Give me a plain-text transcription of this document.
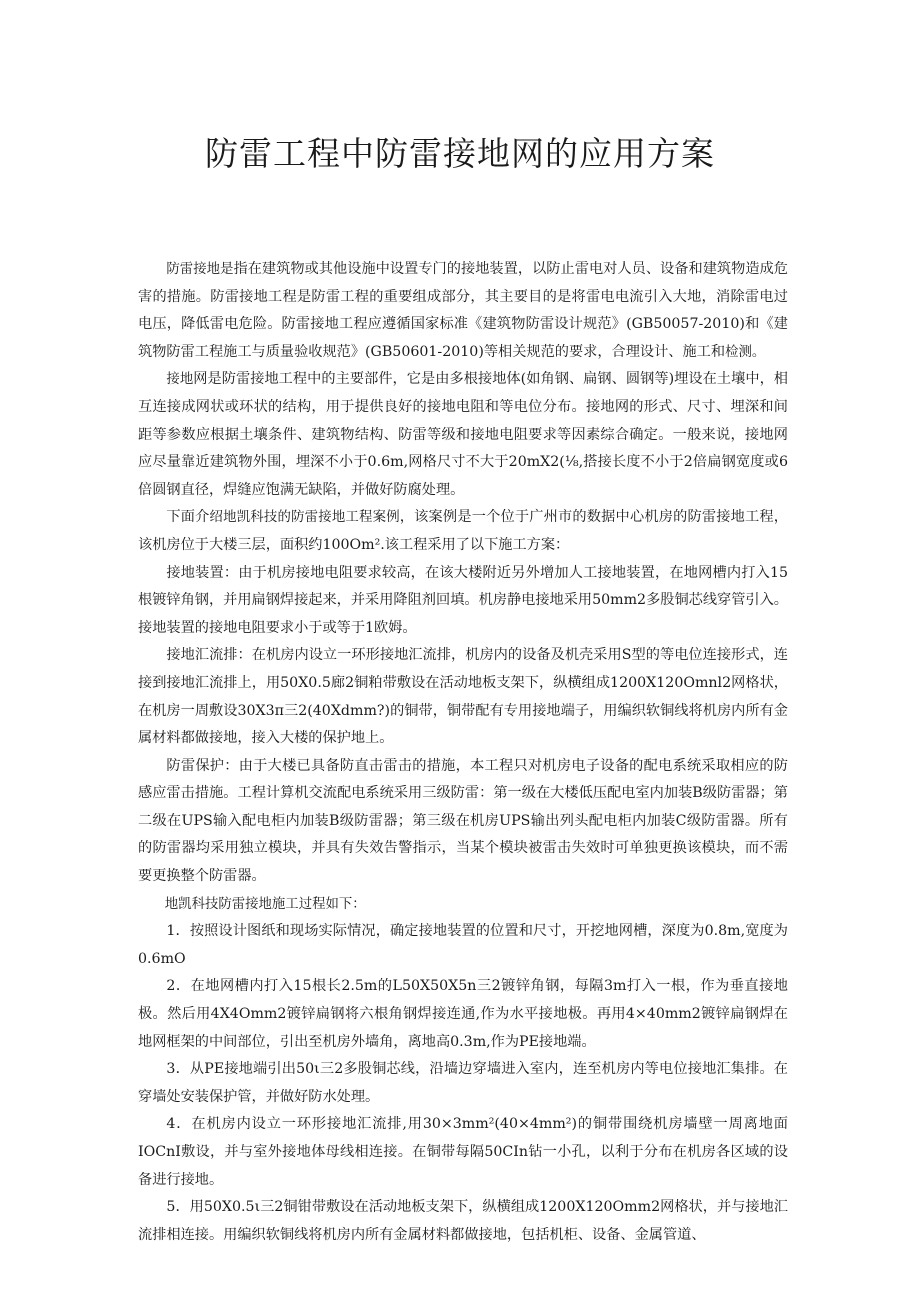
防雷工程中防雷接地网的应用方案

防雷接地是指在建筑物或其他设施中设置专门的接地装置，以防止雷电对人员、设备和建筑物造成危害的措施。防雷接地工程是防雷工程的重要组成部分，其主要目的是将雷电电流引入大地，消除雷电过电压，降低雷电危险。防雷接地工程应遵循国家标准《建筑物防雷设计规范》(GB50057-2010)和《建筑物防雷工程施工与质量验收规范》(GB50601-2010)等相关规范的要求，合理设计、施工和检测。

接地网是防雷接地工程中的主要部件，它是由多根接地体(如角钢、扁钢、圆钢等)埋设在土壤中，相互连接成网状或环状的结构，用于提供良好的接地电阻和等电位分布。接地网的形式、尺寸、埋深和间距等参数应根据土壤条件、建筑物结构、防雷等级和接地电阻要求等因素综合确定。一般来说，接地网应尽量靠近建筑物外围，埋深不小于0.6m,网格尺寸不大于20mX2(⅛,搭接长度不小于2倍扁钢宽度或6倍圆钢直径，焊缝应饱满无缺陷，并做好防腐处理。

下面介绍地凯科技的防雷接地工程案例，该案例是一个位于广州市的数据中心机房的防雷接地工程，该机房位于大楼三层，面积约100Om².该工程采用了以下施工方案：

接地装置：由于机房接地电阻要求较高，在该大楼附近另外增加人工接地装置，在地网槽内打入15根镀锌角钢，并用扁钢焊接起来，并采用降阻剂回填。机房静电接地采用50mm2多股铜芯线穿管引入。接地装置的接地电阻要求小于或等于1欧姆。

接地汇流排：在机房内设立一环形接地汇流排，机房内的设备及机壳采用S型的等电位连接形式，连接到接地汇流排上，用50X0.5廊2铜粕带敷设在活动地板支架下，纵横组成1200X120Omnl2网格状，在机房一周敷设30X3π三2(40Xdmm?)的铜带，铜带配有专用接地端子，用编织软铜线将机房内所有金属材料都做接地，接入大楼的保护地上。

防雷保护：由于大楼已具备防直击雷击的措施，本工程只对机房电子设备的配电系统采取相应的防感应雷击措施。工程计算机交流配电系统采用三级防雷：第一级在大楼低压配电室内加装B级防雷器；第二级在UPS输入配电柜内加装B级防雷器；第三级在机房UPS输出列头配电柜内加装C级防雷器。所有的防雷器均采用独立模块，并具有失效告警指示，当某个模块被雷击失效时可单独更换该模块，而不需要更换整个防雷器。

地凯科技防雷接地施工过程如下：

1．按照设计图纸和现场实际情况，确定接地装置的位置和尺寸，开挖地网槽，深度为0.8m,宽度为0.6mO

2．在地网槽内打入15根长2.5m的L50X50X5n三2镀锌角钢，每隔3m打入一根，作为垂直接地极。然后用4X4Omm2镀锌扁钢将六根角钢焊接连通,作为水平接地极。再用4×40mm2镀锌扁钢焊在地网框架的中间部位，引出至机房外墙角，离地高0.3m,作为PE接地端。

3．从PE接地端引出50ι三2多股铜芯线，沿墙边穿墙进入室内，连至机房内等电位接地汇集排。在穿墙处安装保护管，并做好防水处理。

4．在机房内设立一环形接地汇流排,用30×3mm²(40×4mm²)的铜带围绕机房墙壁一周离地面IOCnI敷设，并与室外接地体母线相连接。在铜带每隔50CIn钻一小孔，以利于分布在机房各区域的设备进行接地。

5．用50X0.5ι三2铜钳带敷设在活动地板支架下，纵横组成1200X120Omm2网格状，并与接地汇流排相连接。用编织软铜线将机房内所有金属材料都做接地，包括机柜、设备、金属管道、
